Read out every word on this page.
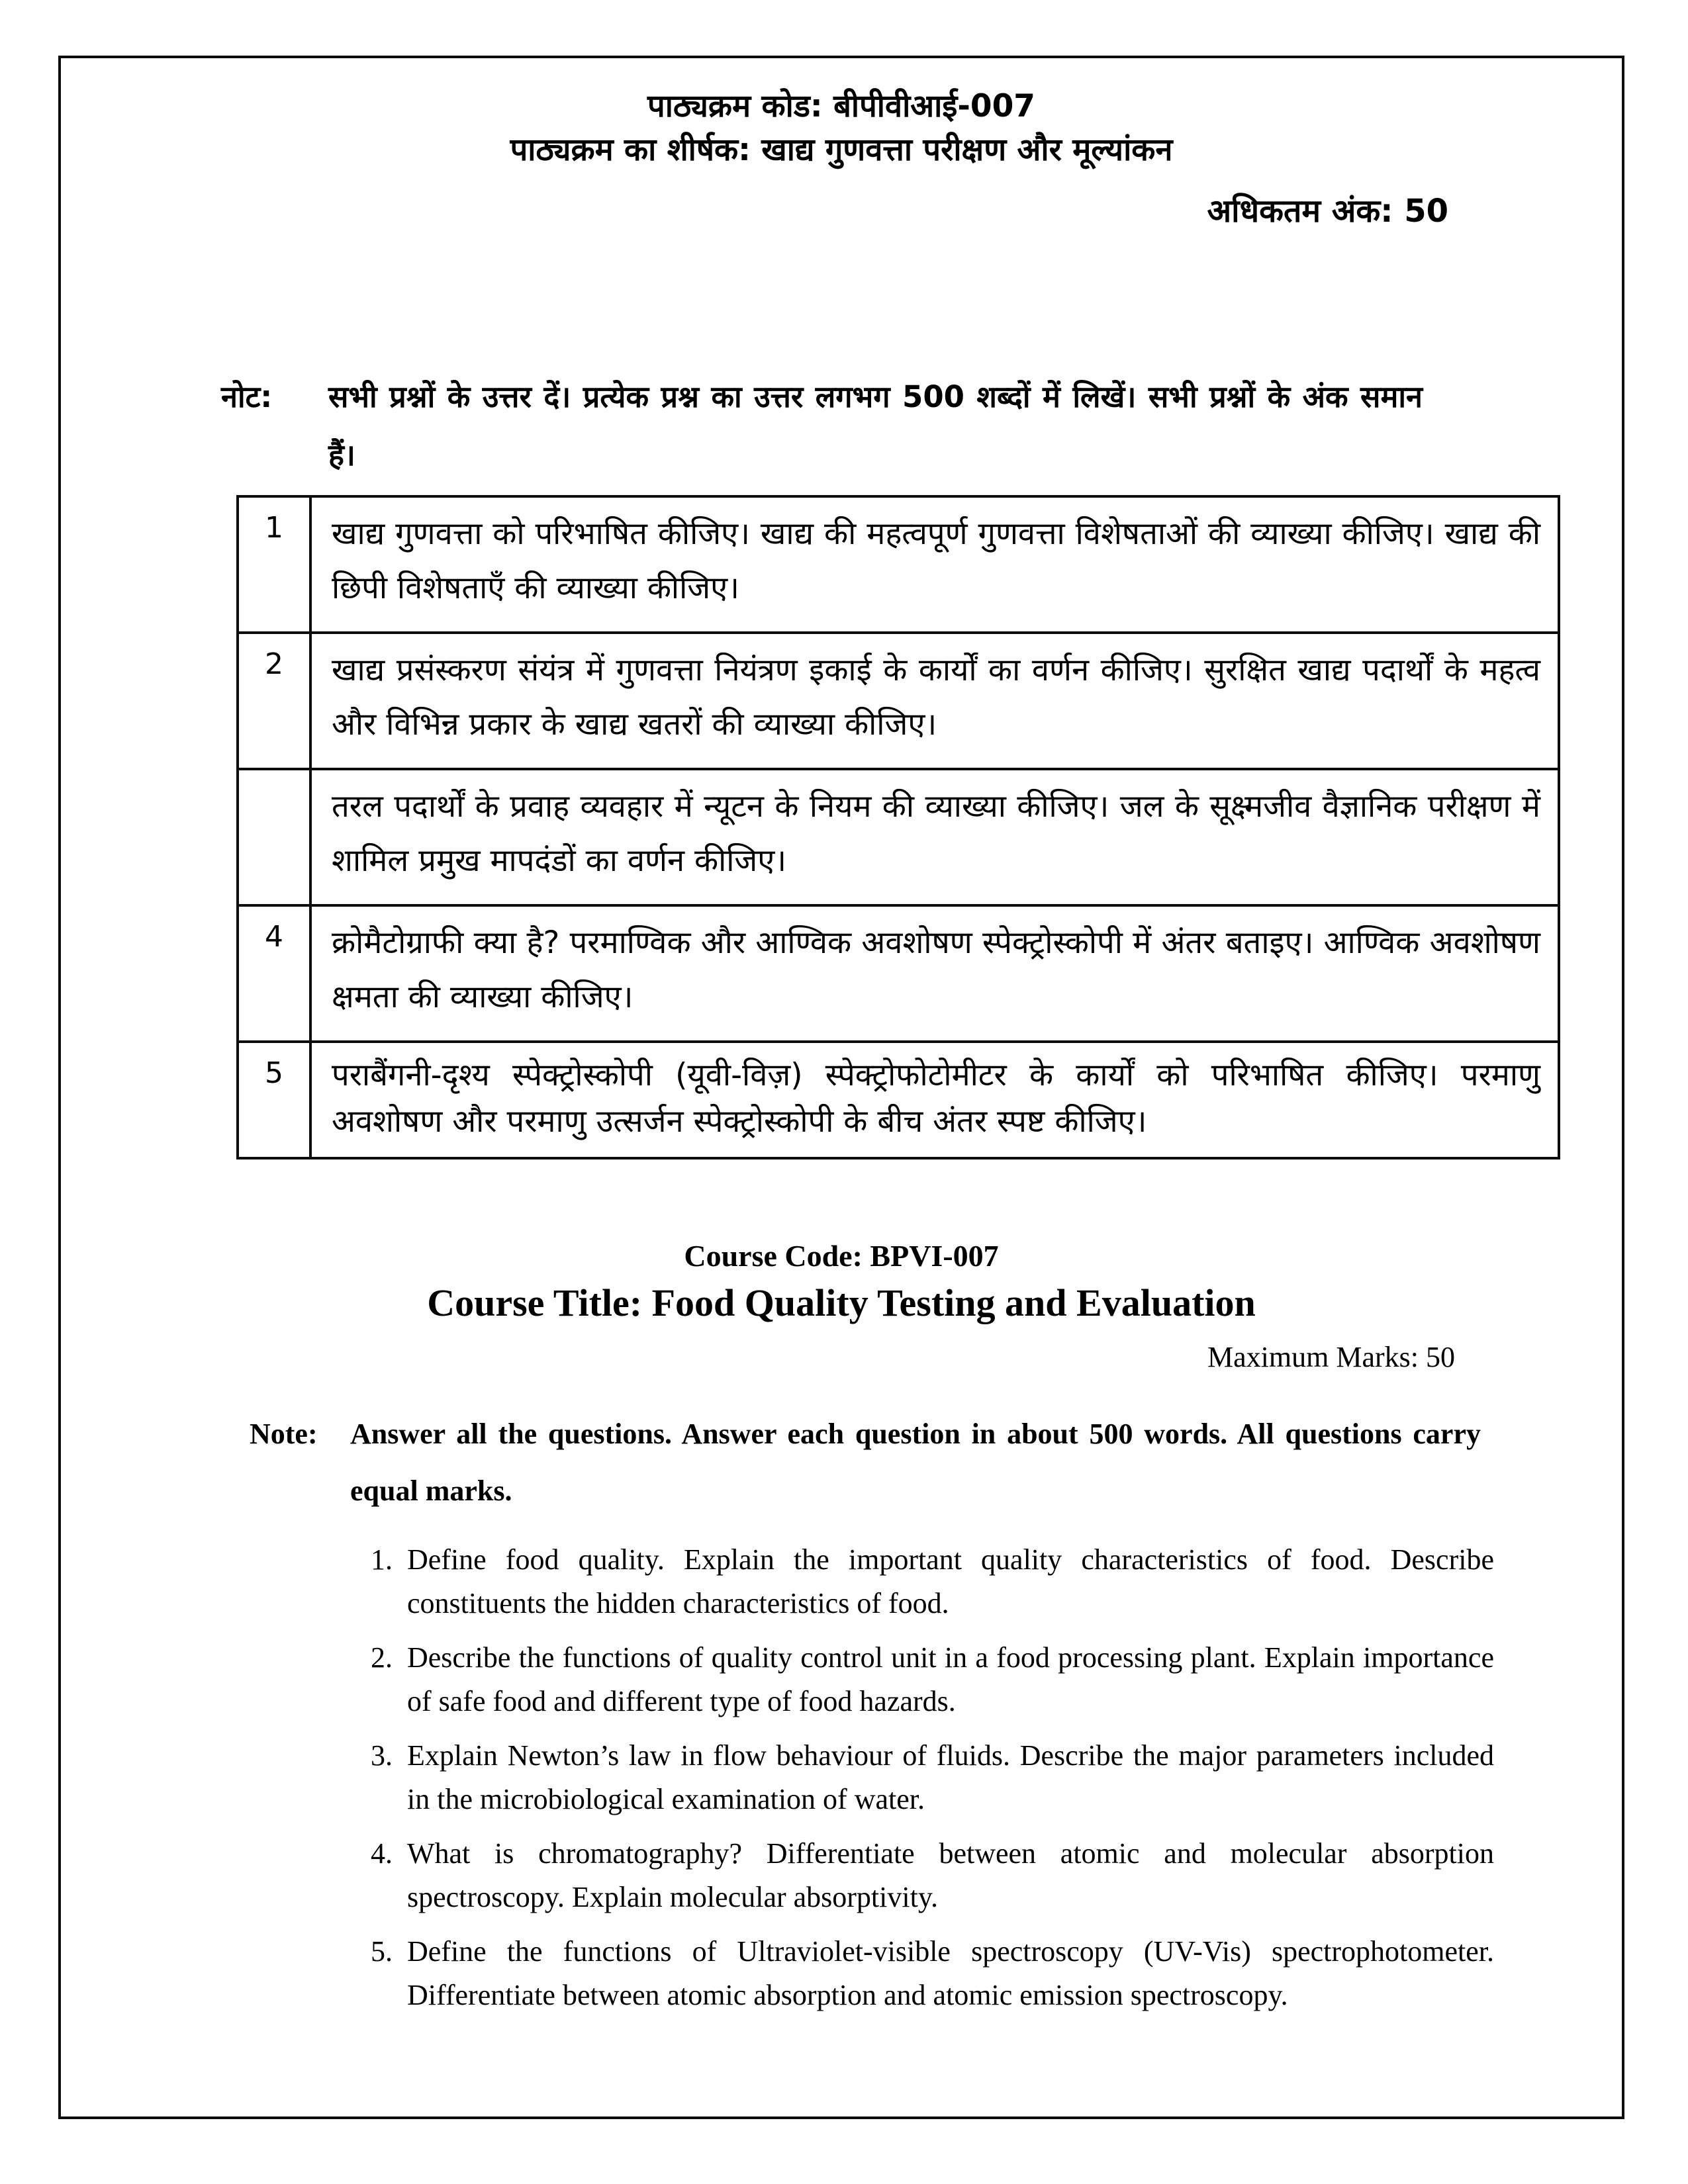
पाठ्यक्रम कोड: बीपीवीआई-007
पाठ्यक्रम का शीर्षक: खाद्य गुणवत्ता परीक्षण और मूल्यांकन
अधिकतम अंक: 50
नोट:	सभी प्रश्नों के उत्तर दें। प्रत्येक प्रश्न का उत्तर लगभग 500 शब्दों में लिखें। सभी प्रश्नों के अंक समान हैं।
1	खाद्य गुणवत्ता को परिभाषित कीजिए। खाद्य की महत्वपूर्ण गुणवत्ता विशेषताओं की व्याख्या कीजिए। खाद्य की छिपी विशेषताएँ की व्याख्या कीजिए।
2	खाद्य प्रसंस्करण संयंत्र में गुणवत्ता नियंत्रण इकाई के कार्यों का वर्णन कीजिए। सुरक्षित खाद्य पदार्थों के महत्व और विभिन्न प्रकार के खाद्य खतरों की व्याख्या कीजिए।
	तरल पदार्थों के प्रवाह व्यवहार में न्यूटन के नियम की व्याख्या कीजिए। जल के सूक्ष्मजीव वैज्ञानिक परीक्षण में शामिल प्रमुख मापदंडों का वर्णन कीजिए।
4	क्रोमैटोग्राफी क्या है? परमाण्विक और आण्विक अवशोषण स्पेक्ट्रोस्कोपी में अंतर बताइए। आण्विक अवशोषण क्षमता की व्याख्या कीजिए।
5	पराबैंगनी-दृश्य स्पेक्ट्रोस्कोपी (यूवी-विज़) स्पेक्ट्रोफोटोमीटर के कार्यों को परिभाषित कीजिए। परमाणु अवशोषण और परमाणु उत्सर्जन स्पेक्ट्रोस्कोपी के बीच अंतर स्पष्ट कीजिए।
Course Code: BPVI-007
Course Title: Food Quality Testing and Evaluation
Maximum Marks: 50
Note:	Answer all the questions. Answer each question in about 500 words. All questions carry equal marks.
1. Define food quality. Explain the important quality characteristics of food. Describe constituents the hidden characteristics of food.
2. Describe the functions of quality control unit in a food processing plant. Explain importance of safe food and different type of food hazards.
3. Explain Newton’s law in flow behaviour of fluids. Describe the major parameters included in the microbiological examination of water.
4. What is chromatography? Differentiate between atomic and molecular absorption spectroscopy. Explain molecular absorptivity.
5. Define the functions of Ultraviolet-visible spectroscopy (UV-Vis) spectrophotometer. Differentiate between atomic absorption and atomic emission spectroscopy.
